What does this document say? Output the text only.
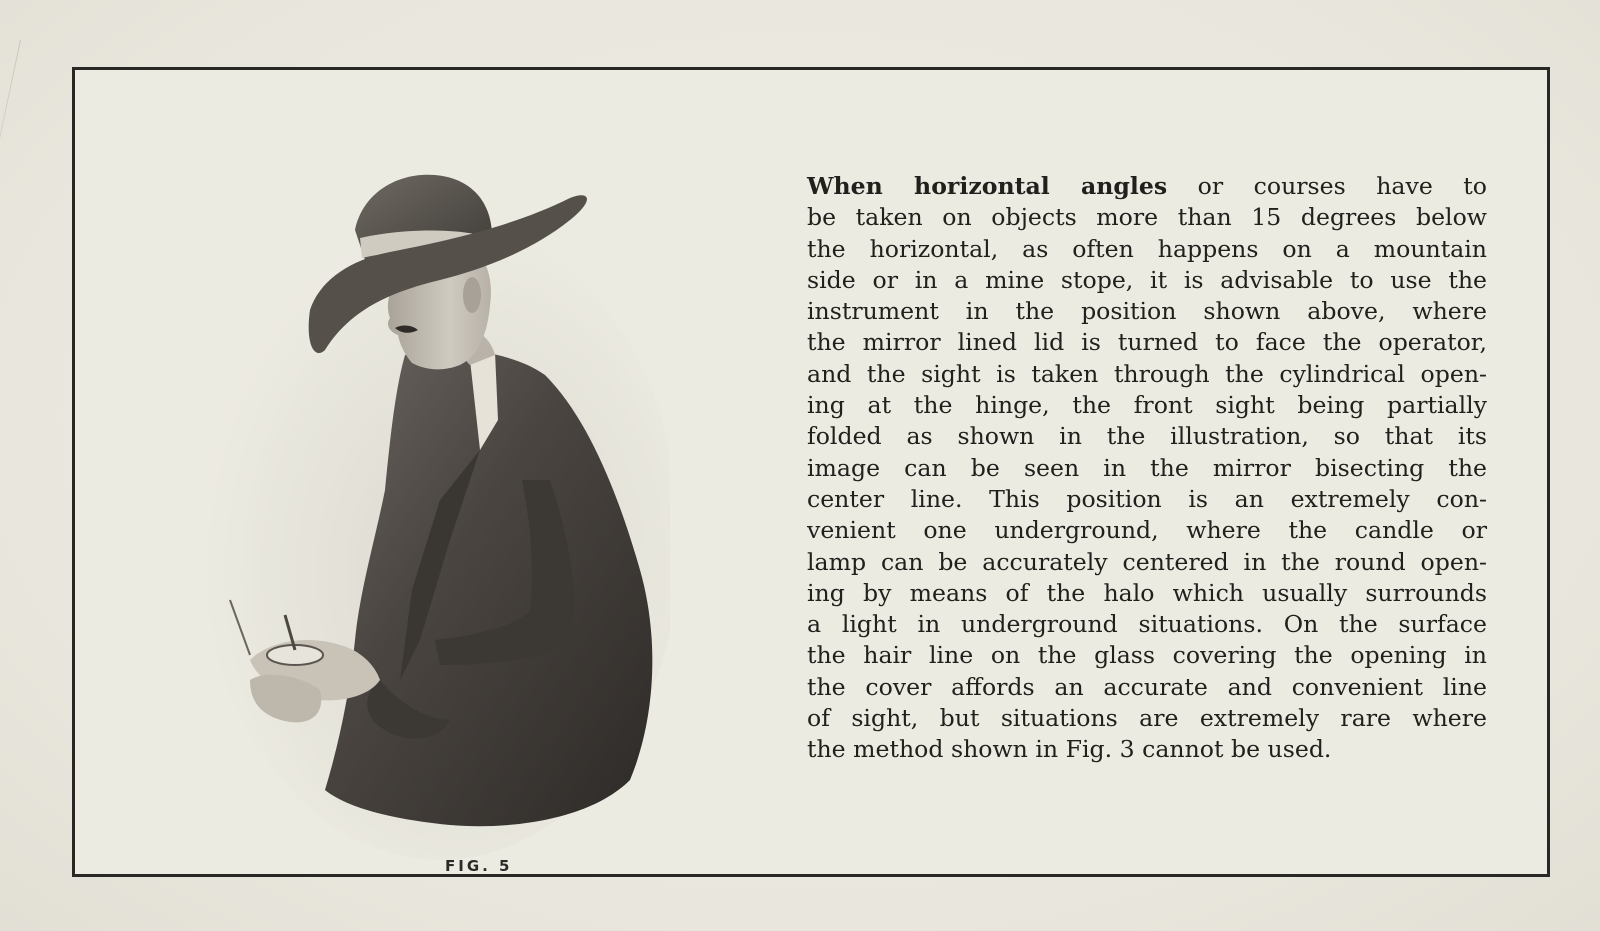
FIG. 5
When horizontal angles or courses have to
be taken on objects more than 15 degrees below
the horizontal, as often happens on a mountain
side or in a mine stope, it is advisable to use the
instrument in the position shown above, where
the mirror lined lid is turned to face the operator,
and the sight is taken through the cylindrical open-
ing at the hinge, the front sight being partially
folded as shown in the illustration, so that its
image can be seen in the mirror bisecting the
center line. This position is an extremely con-
venient one underground, where the candle or
lamp can be accurately centered in the round open-
ing by means of the halo which usually surrounds
a light in underground situations. On the surface
the hair line on the glass covering the opening in
the cover affords an accurate and convenient line
of sight, but situations are extremely rare where
the method shown in Fig. 3 cannot be used.
